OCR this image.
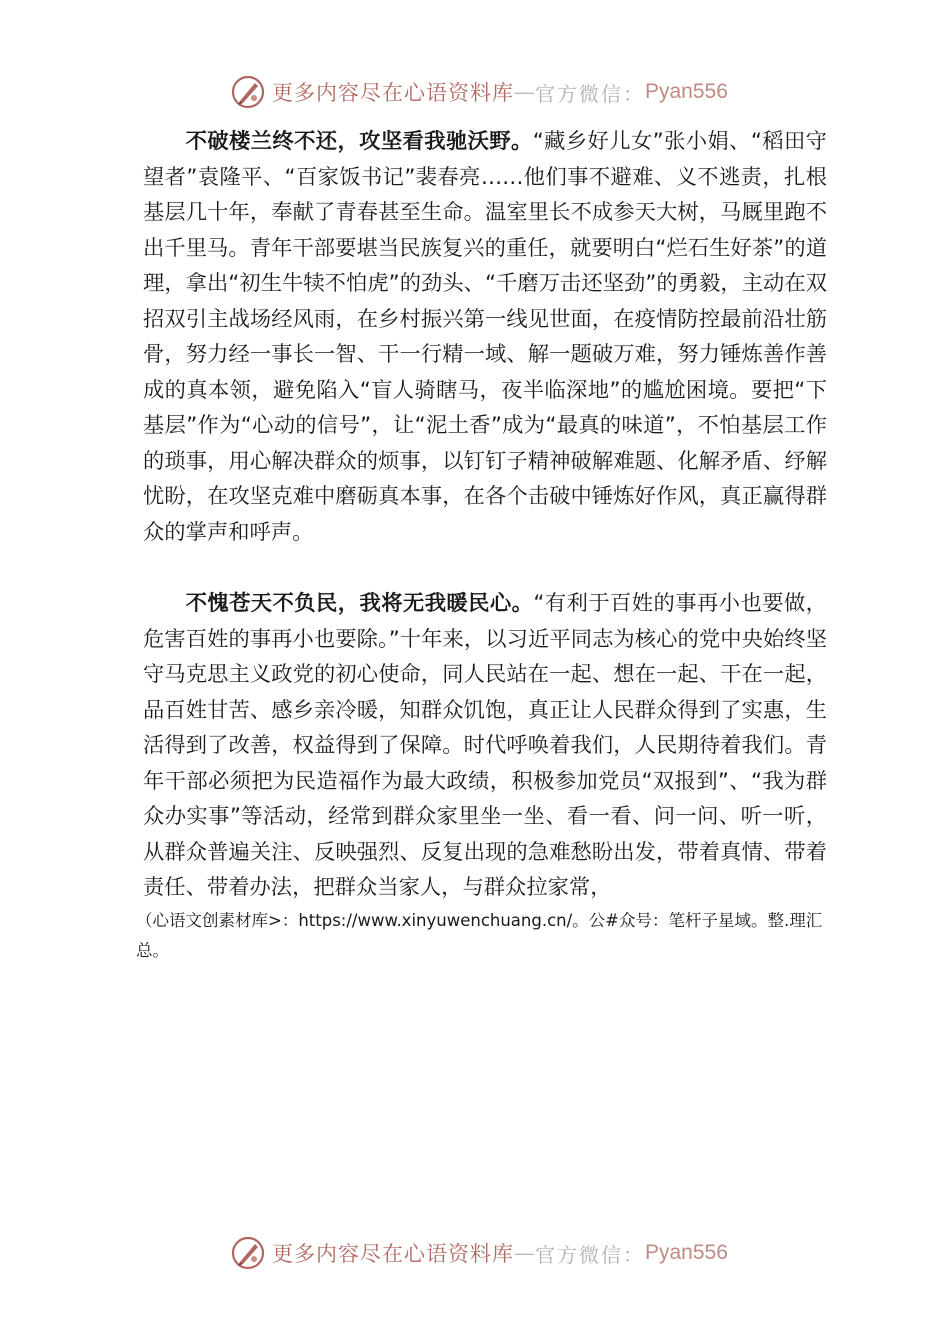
更多内容尽在心语资料库 — 官方微信： Pyan556

不破楼兰终不还，攻坚看我驰沃野。“藏乡好儿女”张小娟、“稻田守望者”袁隆平、“百家饭书记”裴春亮……他们事不避难、义不逃责，扎根基层几十年，奉献了青春甚至生命。温室里长不成参天大树，马厩里跑不出千里马。青年干部要堪当民族复兴的重任，就要明白“烂石生好茶”的道理，拿出“初生牛犊不怕虎”的劲头、“千磨万击还坚劲”的勇毅，主动在双招双引主战场经风雨，在乡村振兴第一线见世面，在疫情防控最前沿壮筋骨，努力经一事长一智、干一行精一域、解一题破万难，努力锤炼善作善成的真本领，避免陷入“盲人骑瞎马，夜半临深地”的尴尬困境。要把“下基层”作为“心动的信号”，让“泥土香”成为“最真的味道”，不怕基层工作的琐事，用心解决群众的烦事，以钉钉子精神破解难题、化解矛盾、纾解忧盼，在攻坚克难中磨砺真本事，在各个击破中锤炼好作风，真正赢得群众的掌声和呼声。

不愧苍天不负民，我将无我暖民心。“有利于百姓的事再小也要做，危害百姓的事再小也要除。”十年来，以习近平同志为核心的党中央始终坚守马克思主义政党的初心使命，同人民站在一起、想在一起、干在一起，品百姓甘苦、感乡亲冷暖，知群众饥饱，真正让人民群众得到了实惠，生活得到了改善，权益得到了保障。时代呼唤着我们，人民期待着我们。青年干部必须把为民造福作为最大政绩，积极参加党员“双报到”、“我为群众办实事”等活动，经常到群众家里坐一坐、看一看、问一问、听一听，从群众普遍关注、反映强烈、反复出现的急难愁盼出发，带着真情、带着责任、带着办法，把群众当家人，与群众拉家常，

（心语文创素材库>：https://www.xinyuwenchuang.cn/。公#众号：笔杆子星域。整.理汇总。
更多内容尽在心语资料库 — 官方微信： Pyan556
